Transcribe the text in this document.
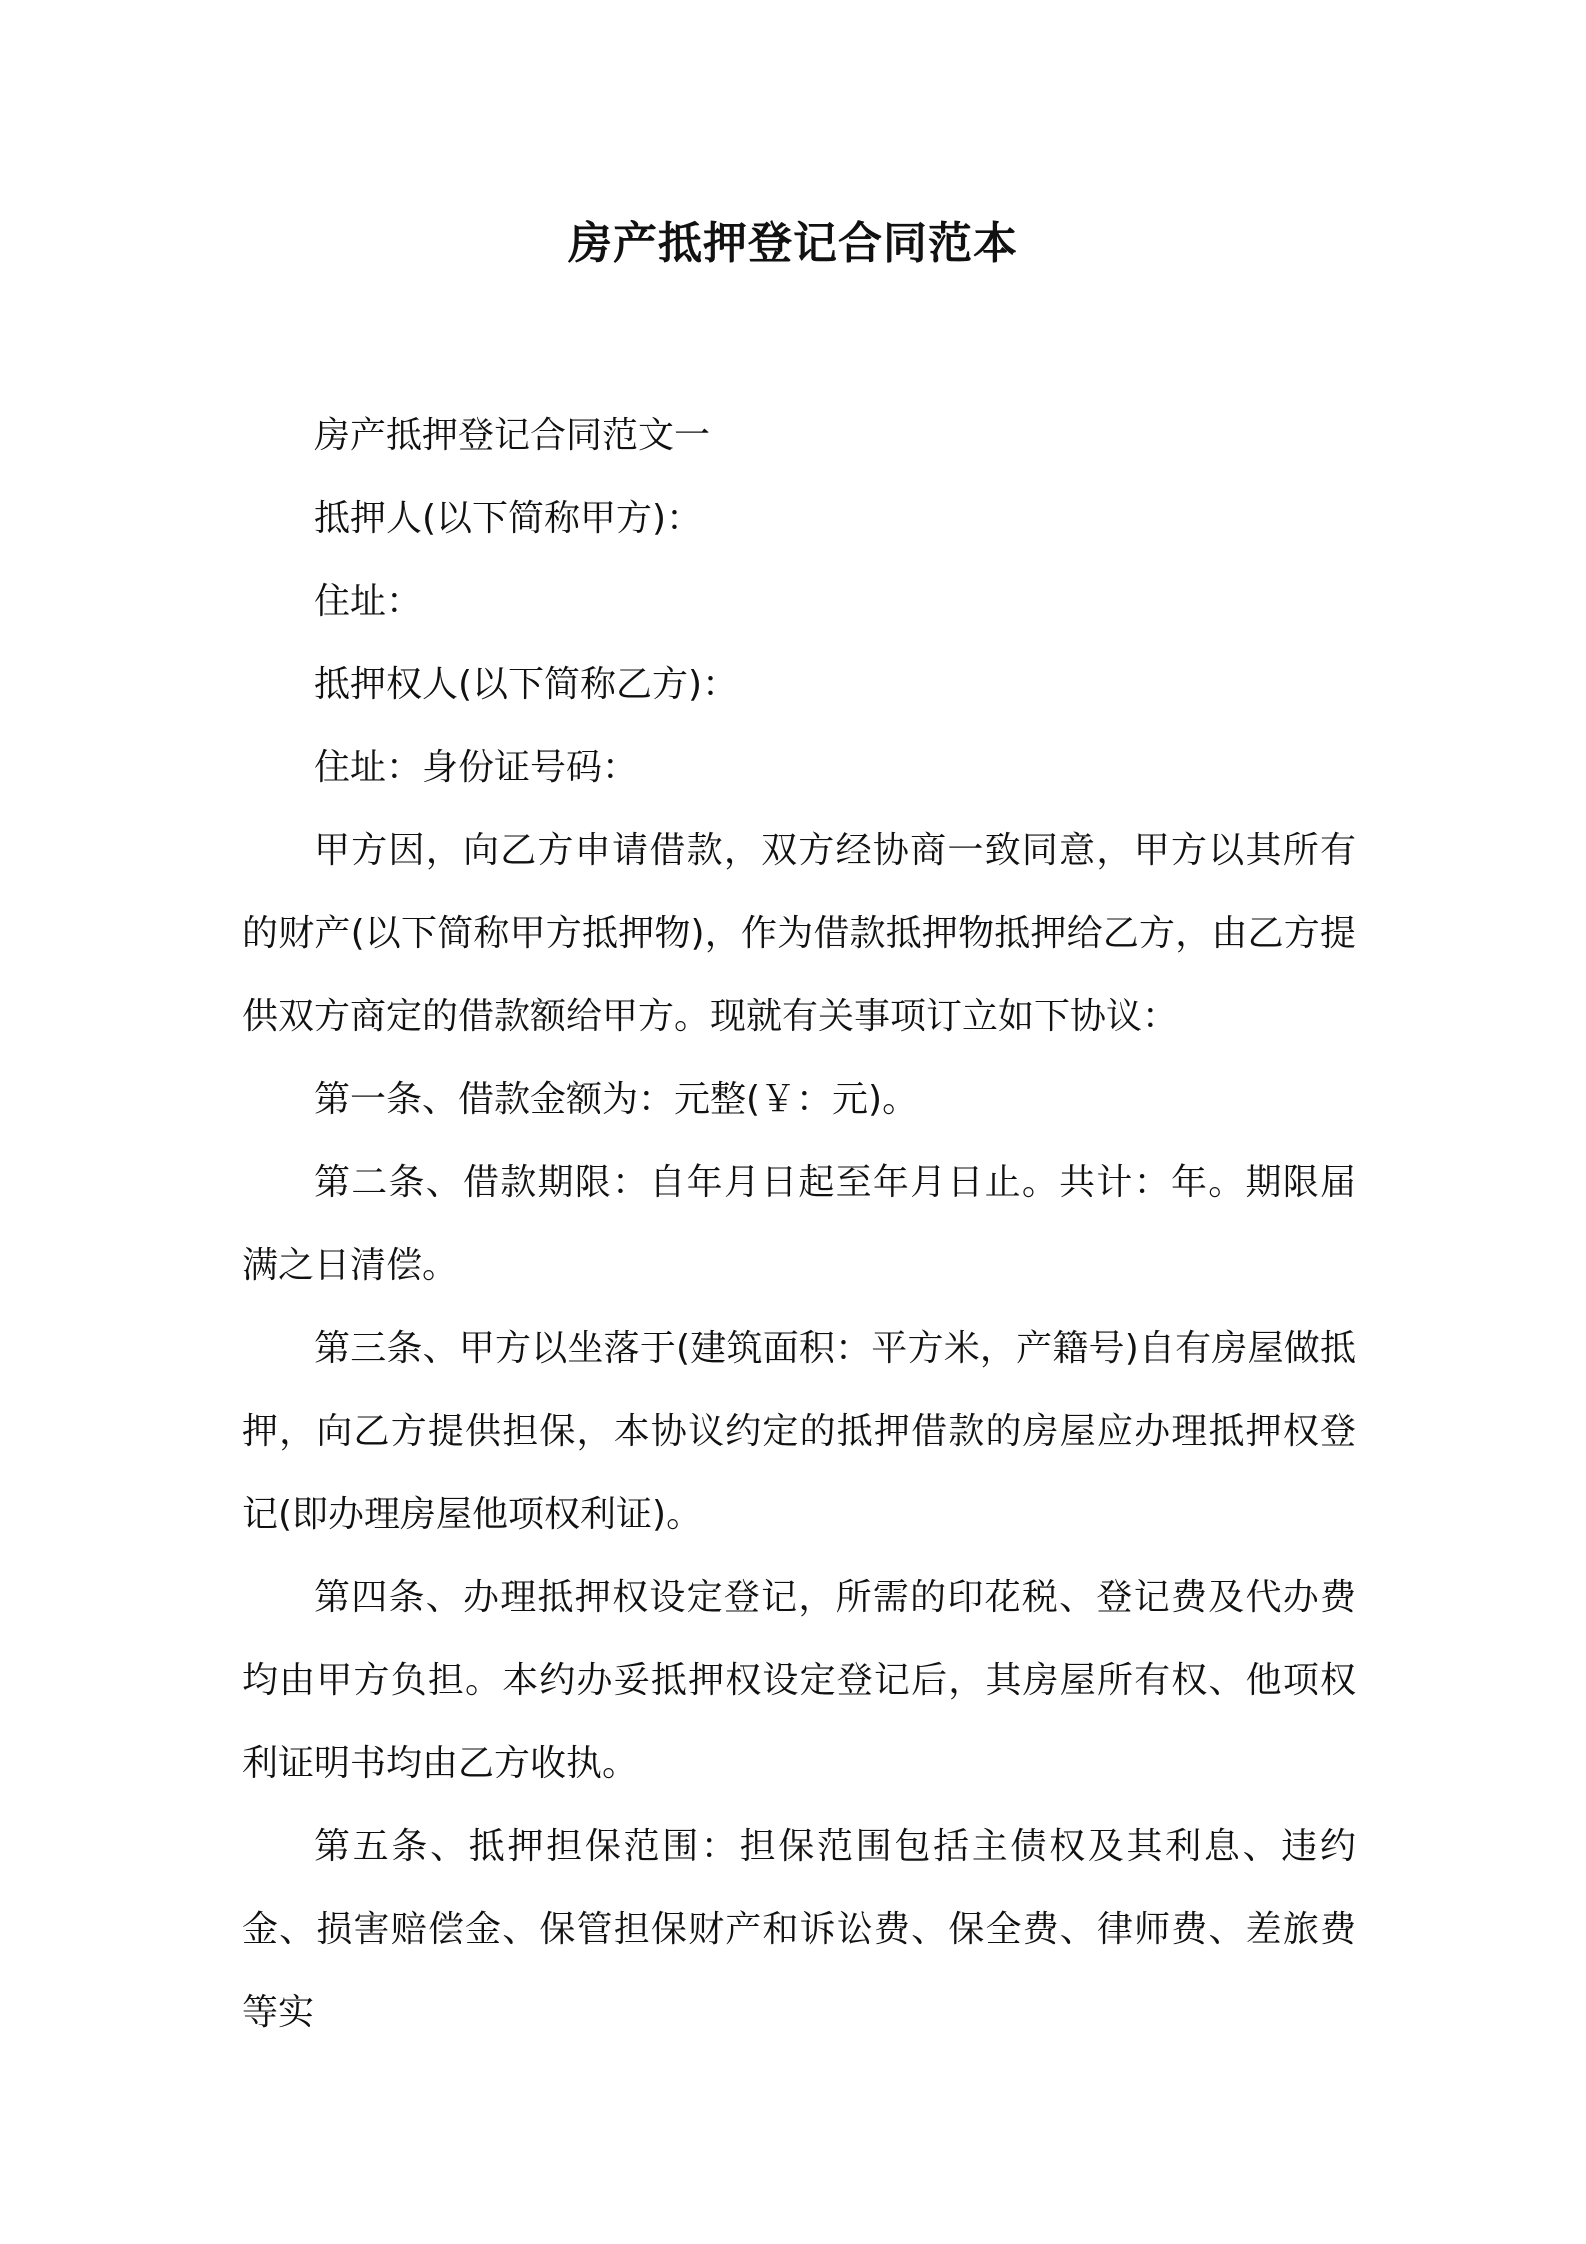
房产抵押登记合同范本

房产抵押登记合同范文一

抵押人(以下简称甲方)：

住址：

抵押权人(以下简称乙方)：

住址：身份证号码：

甲方因，向乙方申请借款，双方经协商一致同意，甲方以其所有的财产(以下简称甲方抵押物)，作为借款抵押物抵押给乙方，由乙方提供双方商定的借款额给甲方。现就有关事项订立如下协议：

第一条、借款金额为：元整(￥：元)。

第二条、借款期限：自年月日起至年月日止。共计：年。期限届满之日清偿。

第三条、甲方以坐落于(建筑面积：平方米，产籍号)自有房屋做抵押，向乙方提供担保，本协议约定的抵押借款的房屋应办理抵押权登记(即办理房屋他项权利证)。

第四条、办理抵押权设定登记，所需的印花税、登记费及代办费均由甲方负担。本约办妥抵押权设定登记后，其房屋所有权、他项权利证明书均由乙方收执。

第五条、抵押担保范围：担保范围包括主债权及其利息、违约金、损害赔偿金、保管担保财产和诉讼费、保全费、律师费、差旅费等实
